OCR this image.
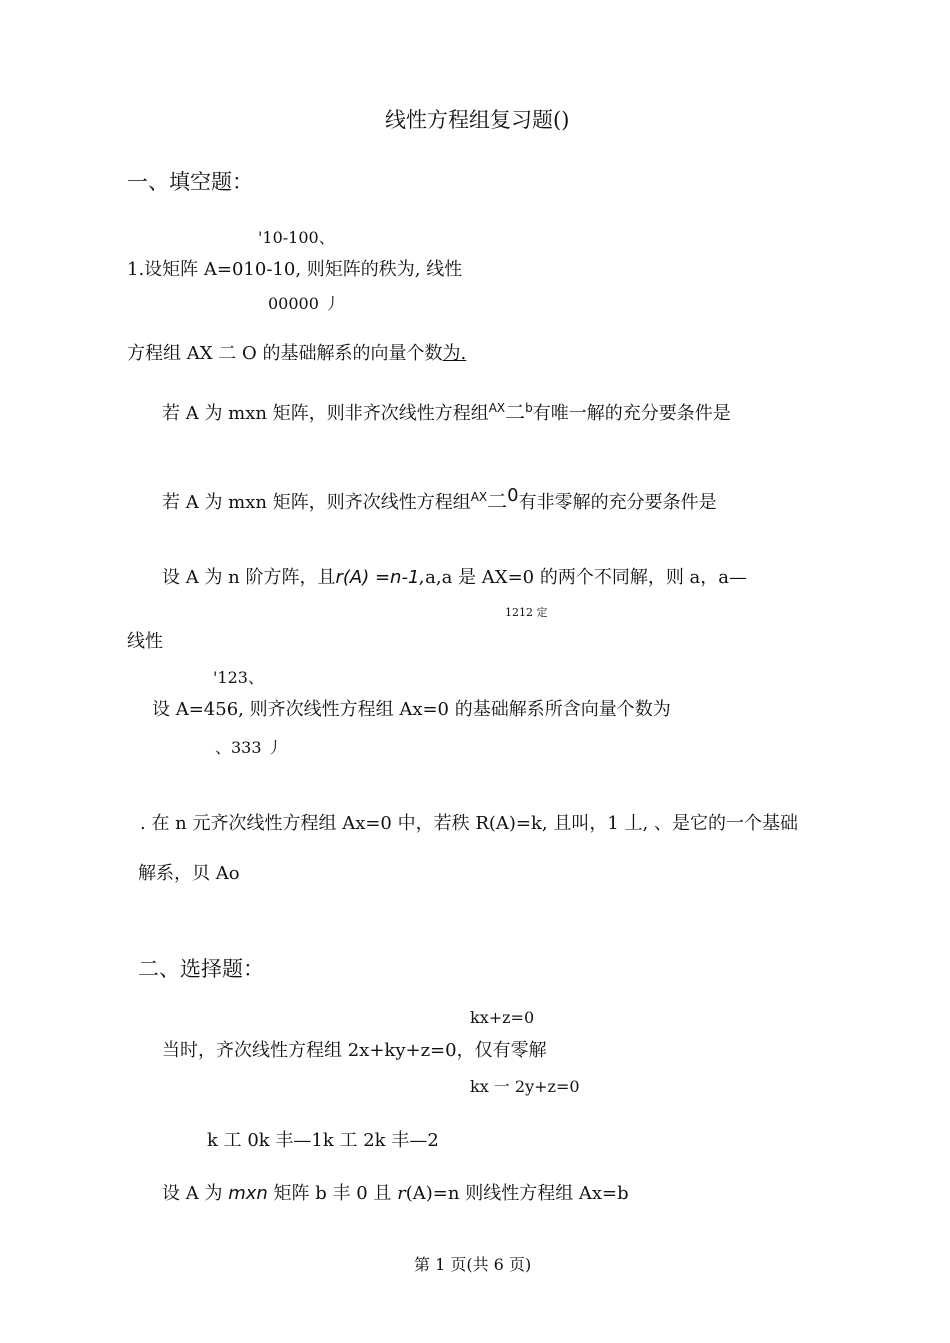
线性方程组复习题()
一、填空题：
'10-100、
1.设矩阵 A=010-10, 则矩阵的秩为, 线性
00000 丿
方程组 AX 二 O 的基础解系的向量个数为.
若 A 为 mxn 矩阵，则非齐次线性方程组$^{AX}$二$^b$有唯一解的充分要条件是
若 A 为 mxn 矩阵，则齐次线性方程组$^{AX}$二$^0$有非零解的充分要条件是
设 A 为 n 阶方阵，且r(A) =n-1,a,a 是 AX=0 的两个不同解，则 a，a—
1212 定
线性
'123、
设 A=456, 则齐次线性方程组 Ax=0 的基础解系所含向量个数为
、333 丿
. 在 n 元齐次线性方程组 Ax=0 中，若秩 R(A)=k, 且叫，1 丄, 、是它的一个基础
解系，贝 Ao
二、选择题：
kx+z=0
当时，齐次线性方程组 2x+ky+z=0，仅有零解
kx 一 2y+z=0
k 工 0k 丰—1k 工 2k 丰—2
设 A 为 mxn 矩阵 b 丰 0 且 r(A)=n 则线性方程组 Ax=b
第 1 页(共 6 页)
